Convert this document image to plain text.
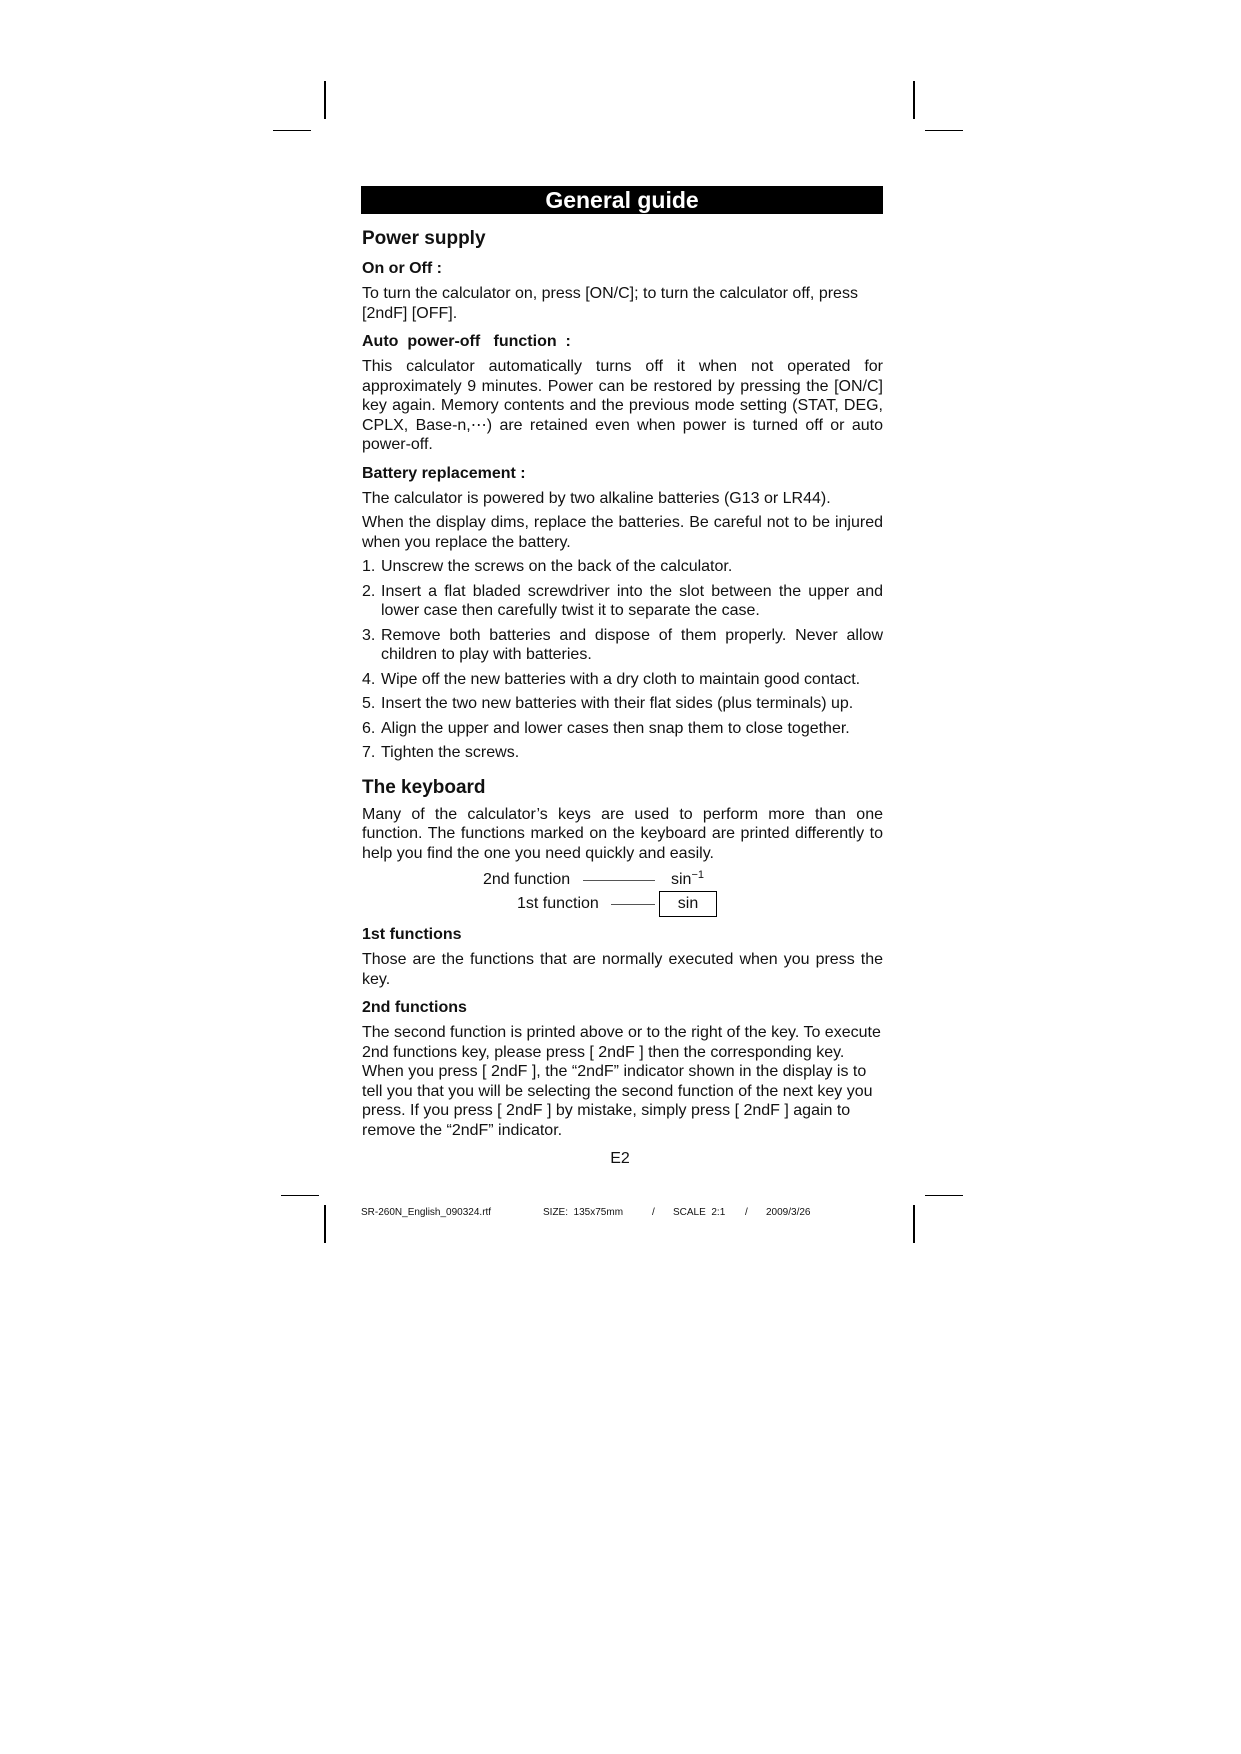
General guide
Power supply
On or Off :

To turn the calculator on, press [ON/C]; to turn the calculator off, press [2ndF] [OFF].

Auto  power-off   function  :

This calculator automatically turns off it when not operated for approximately 9 minutes. Power can be restored by pressing the [ON/C] key again. Memory contents and the previous mode setting (STAT, DEG, CPLX, Base-n,⋯) are retained even when power is turned off or auto power-off.

Battery replacement :

The calculator is powered by two alkaline batteries (G13 or LR44).

When the display dims, replace the batteries. Be careful not to be injured when you replace the battery.

1. Unscrew the screws on the back of the calculator.
2. Insert a flat bladed screwdriver into the slot between the upper and lower case then carefully twist it to separate the case.
3. Remove both batteries and dispose of them properly. Never allow children to play with batteries.
4. Wipe off the new batteries with a dry cloth to maintain good contact.
5. Insert the two new batteries with their flat sides (plus terminals) up.
6. Align the upper and lower cases then snap them to close together.
7. Tighten the screws.
The keyboard

Many of the calculator’s keys are used to perform more than one function. The functions marked on the keyboard are printed differently to help you find the one you need quickly and easily.

2nd function	$\sin^{-1}$
1st function	sin
1st functions

Those are the functions that are normally executed when you press the key.

2nd functions

The second function is printed above or to the right of the key. To execute 2nd functions key, please press [ 2ndF ] then the corresponding key. When you press [ 2ndF ], the “2ndF” indicator shown in the display is to tell you that you will be selecting the second function of the next key you press. If you press [ 2ndF ] by mistake, simply press [ 2ndF ] again to remove the “2ndF” indicator.

E2
SR-260N_English_090324.rtf	SIZE:  135x75mm	/ SCALE  2:1 / 2009/3/26
